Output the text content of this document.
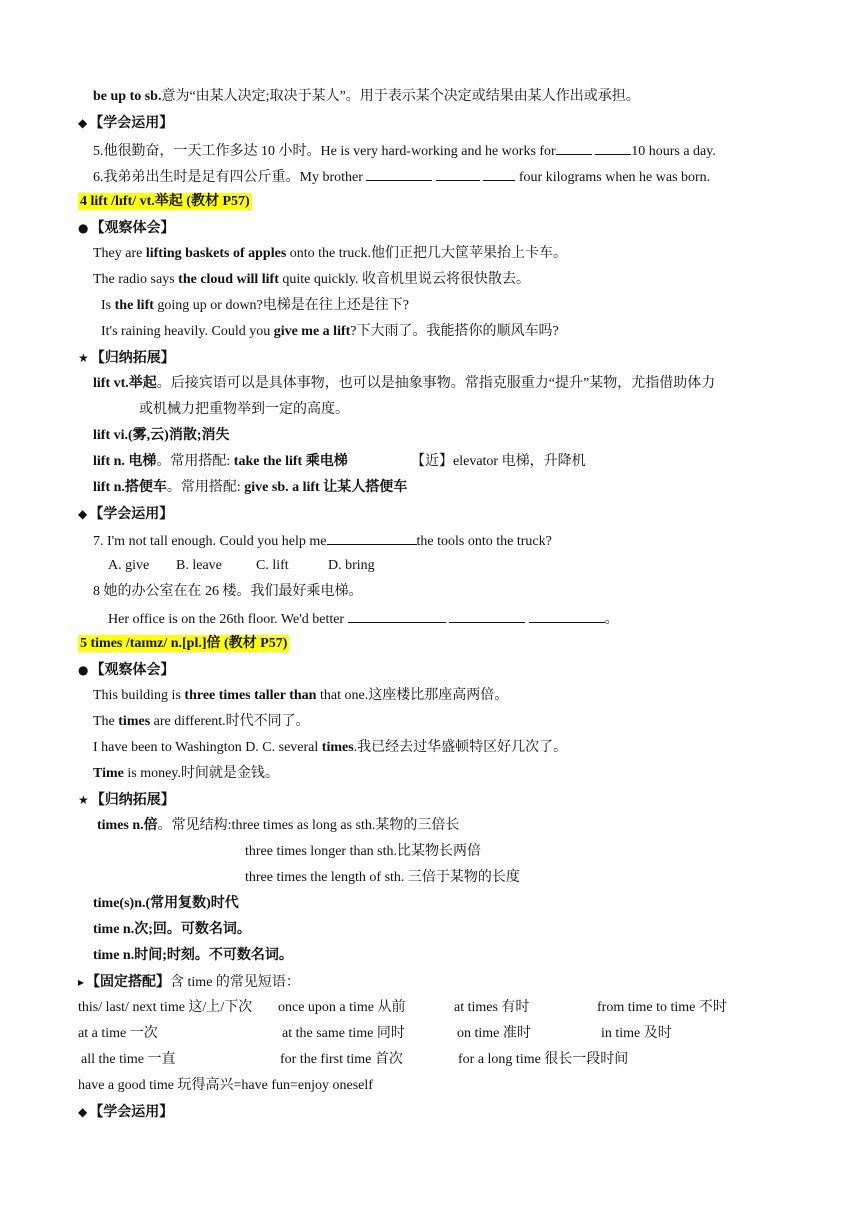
be up to sb.意为“由某人决定;取决于某人”。用于表示某个决定或结果由某人作出或承担。
◆ 【学会运用】
5.他很勤奋，一天工作多达 10 小时。He is very hard-working and he works for	10 hours a day.
6.我弟弟出生时是足有四公斤重。My brother	four kilograms when he was born.
4 lift /lɪft/ vt.举起 (教材 P57)
● 【观察体会】
They are lifting baskets of apples onto the truck.他们正把几大筐苹果抬上卡车。
The radio says the cloud will lift quite quickly. 收音机里说云将很快散去。
Is the lift going up or down?电梯是在往上还是往下?
It's raining heavily. Could you give me a lift?下大雨了。我能搭你的顺风车吗?
★ 【归纳拓展】
lift vt.举起。后接宾语可以是具体事物，也可以是抽象事物。常指克服重力“提升”某物，尤指借助体力
或机械力把重物举到一定的高度。
lift vi.(雾,云)消散;消失
lift n. 电梯。常用搭配: take the lift 乘电梯	【近】elevator 电梯，升降机
lift n.搭便车。常用搭配: give sb. a lift 让某人搭便车
◆ 【学会运用】
7. I'm not tall enough. Could you help me	the tools onto the truck?
A. give B. leave C. lift	D. bring
8 她的办公室在在 26 楼。我们最好乘电梯。
Her office is on the 26th floor. We'd better	。
5 times /taɪmz/ n.[pl.]倍 (教材 P57)
● 【观察体会】
This building is three times taller than that one.这座楼比那座高两倍。
The times are different.时代不同了。
I have been to Washington D. C. several times.我已经去过华盛顿特区好几次了。
Time is money.时间就是金钱。
★ 【归纳拓展】
times n.倍。常见结构:three times as long as sth.某物的三倍长
three times longer than sth.比某物长两倍
three times the length of sth. 三倍于某物的长度
time(s)n.(常用复数)时代
time n.次;回。可数名词。
time n.时间;时刻。不可数名词。
▸ 【固定搭配】含 time 的常见短语：
this/ last/ next time 这/上/下次 once upon a time 从前	at times 有时	from time to time 不时
at a time 一次	at the same time 同时	on time 准时	in time 及时
all the time 一直	for the first time 首次	for a long time 很长一段时间
have a good time 玩得高兴=have fun=enjoy oneself
◆ 【学会运用】
